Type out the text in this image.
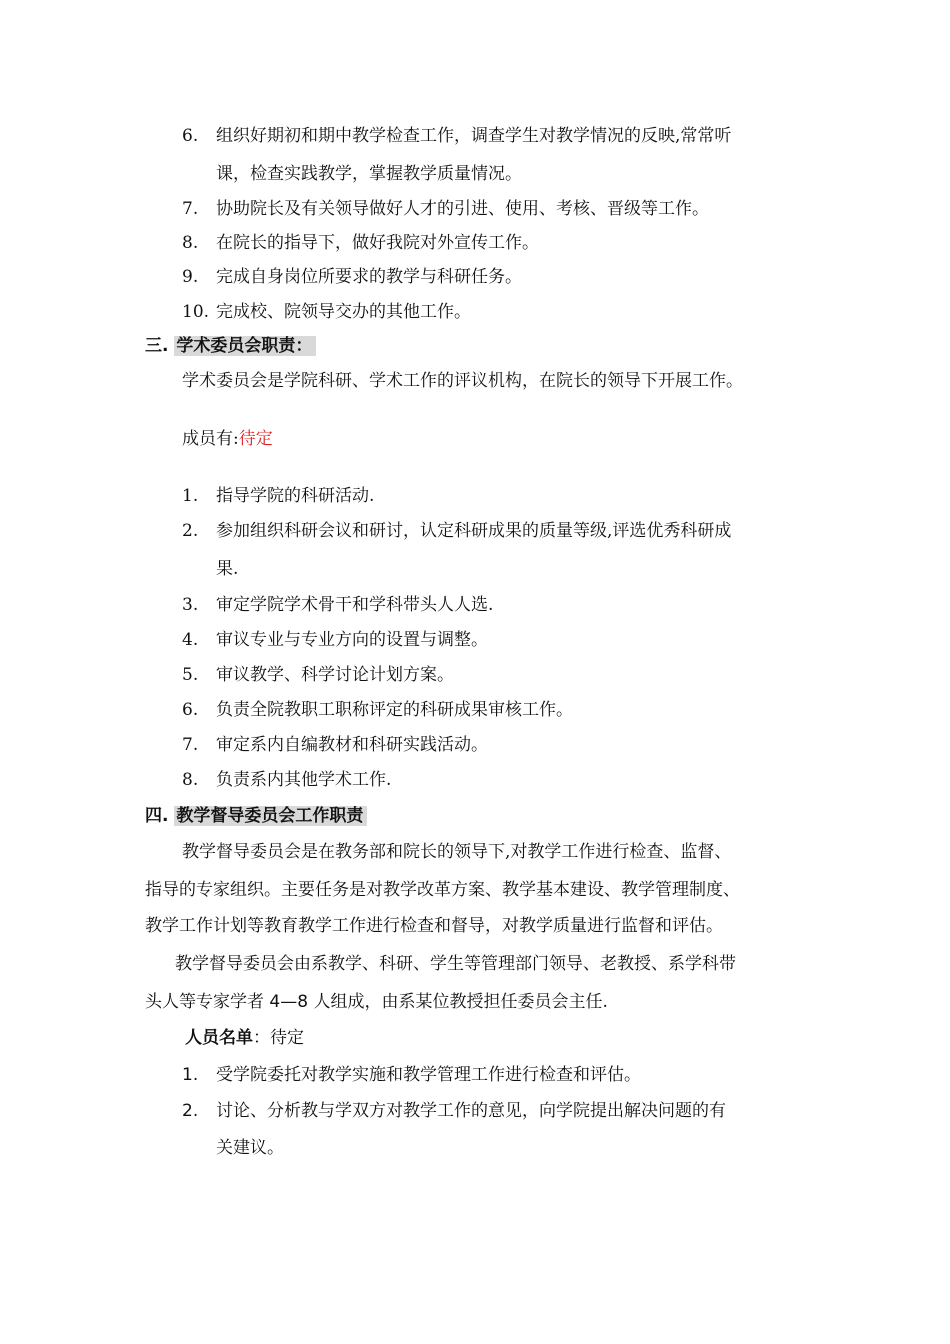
6. 组织好期初和期中教学检查工作，调查学生对教学情况的反映,常常听
课，检查实践教学，掌握教学质量情况。
7. 协助院长及有关领导做好人才的引进、使用、考核、晋级等工作。
8. 在院长的指导下，做好我院对外宣传工作。
9. 完成自身岗位所要求的教学与科研任务。
10. 完成校、院领导交办的其他工作。
三. 学术委员会职责：
学术委员会是学院科研、学术工作的评议机构，在院长的领导下开展工作。
成员有:待定
1. 指导学院的科研活动.
2. 参加组织科研会议和研讨，认定科研成果的质量等级,评选优秀科研成
果.
3. 审定学院学术骨干和学科带头人人选.
4. 审议专业与专业方向的设置与调整。
5. 审议教学、科学讨论计划方案。
6. 负责全院教职工职称评定的科研成果审核工作。
7. 审定系内自编教材和科研实践活动。
8. 负责系内其他学术工作.
四. 教学督导委员会工作职责
教学督导委员会是在教务部和院长的领导下,对教学工作进行检查、监督、
指导的专家组织。主要任务是对教学改革方案、教学基本建设、教学管理制度、
教学工作计划等教育教学工作进行检查和督导，对教学质量进行监督和评估。
教学督导委员会由系教学、科研、学生等管理部门领导、老教授、系学科带
头人等专家学者 4—8 人组成，由系某位教授担任委员会主任.
人员名单：待定
1. 受学院委托对教学实施和教学管理工作进行检查和评估。
2. 讨论、分析教与学双方对教学工作的意见，向学院提出解决问题的有
关建议。
